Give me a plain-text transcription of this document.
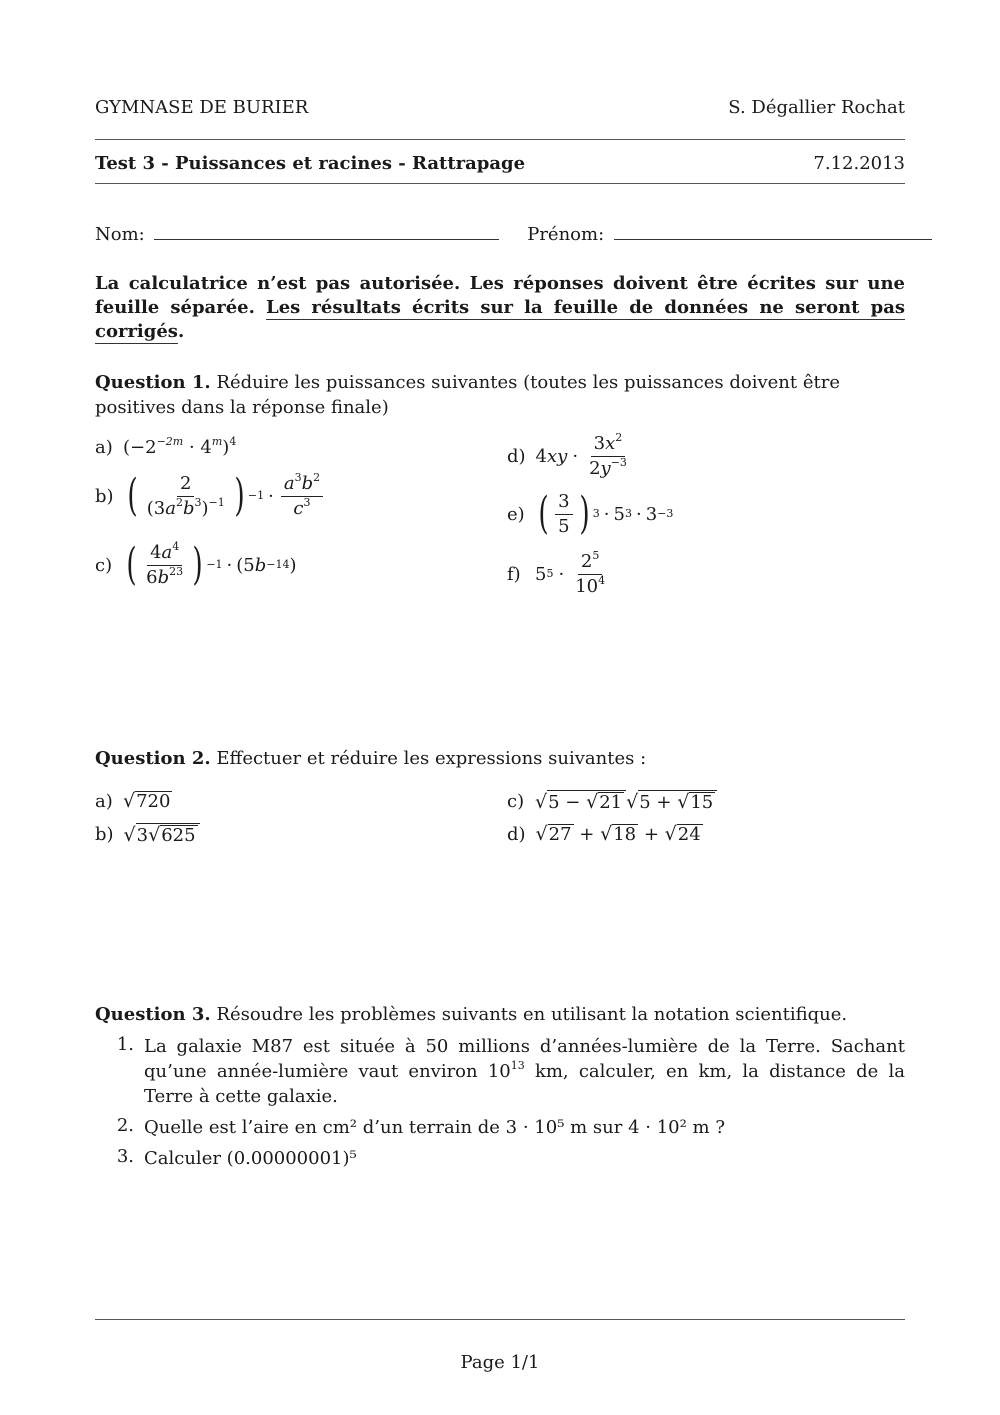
GYMNASE DE BURIER	S. Dégallier Rochat
Test 3 - Puissances et racines - Rattrapage	7.12.2013
Nom:	Prénom:
La calculatrice n’est pas autorisée. Les réponses doivent être écrites sur une feuille séparée. Les résultats écrits sur la feuille de données ne seront pas corrigés.
Question 1. Réduire les puissances suivantes (toutes les puissances doivent être positives dans la réponse finale)
a) $(-2^{-2m} \cdot 4^m)^4$
b) ( $\frac{2}{(3a^2b^3)^{-1}}$ ) $-1 \cdot \frac{a^3b^2}{c^3}$
c) ( $\frac{4a^4}{6b^{23}}$ ) −1 · (5 b −14 )
d) 4 xy · $\frac{3x^2}{2y^{-3}}$
e) ( $\frac{3}{5}$ ) 3 · 5 3 · 3 −3
f) 5 $5 \cdot \frac{2^5}{10^4}$
Question 2. Effectuer et réduire les expressions suivantes :
a) √ 720
b) √ 3 √ 625
c) √ 5 − √ 21 √ 5 + √ 15
d) √ 27 + √ 18 + √ 24
Question 3. Résoudre les problèmes suivants en utilisant la notation scientifique.
1. La galaxie M87 est située à 50 millions d’années-lumière de la Terre. Sachant qu’une année-lumière vaut environ $10^{13}$ km, calculer, en km, la distance de la Terre à cette galaxie.
2. Quelle est l’aire en cm² d’un terrain de 3 · 10⁵ m sur 4 · 10² m ?
3. Calculer (0.00000001)⁵
Page 1/1
